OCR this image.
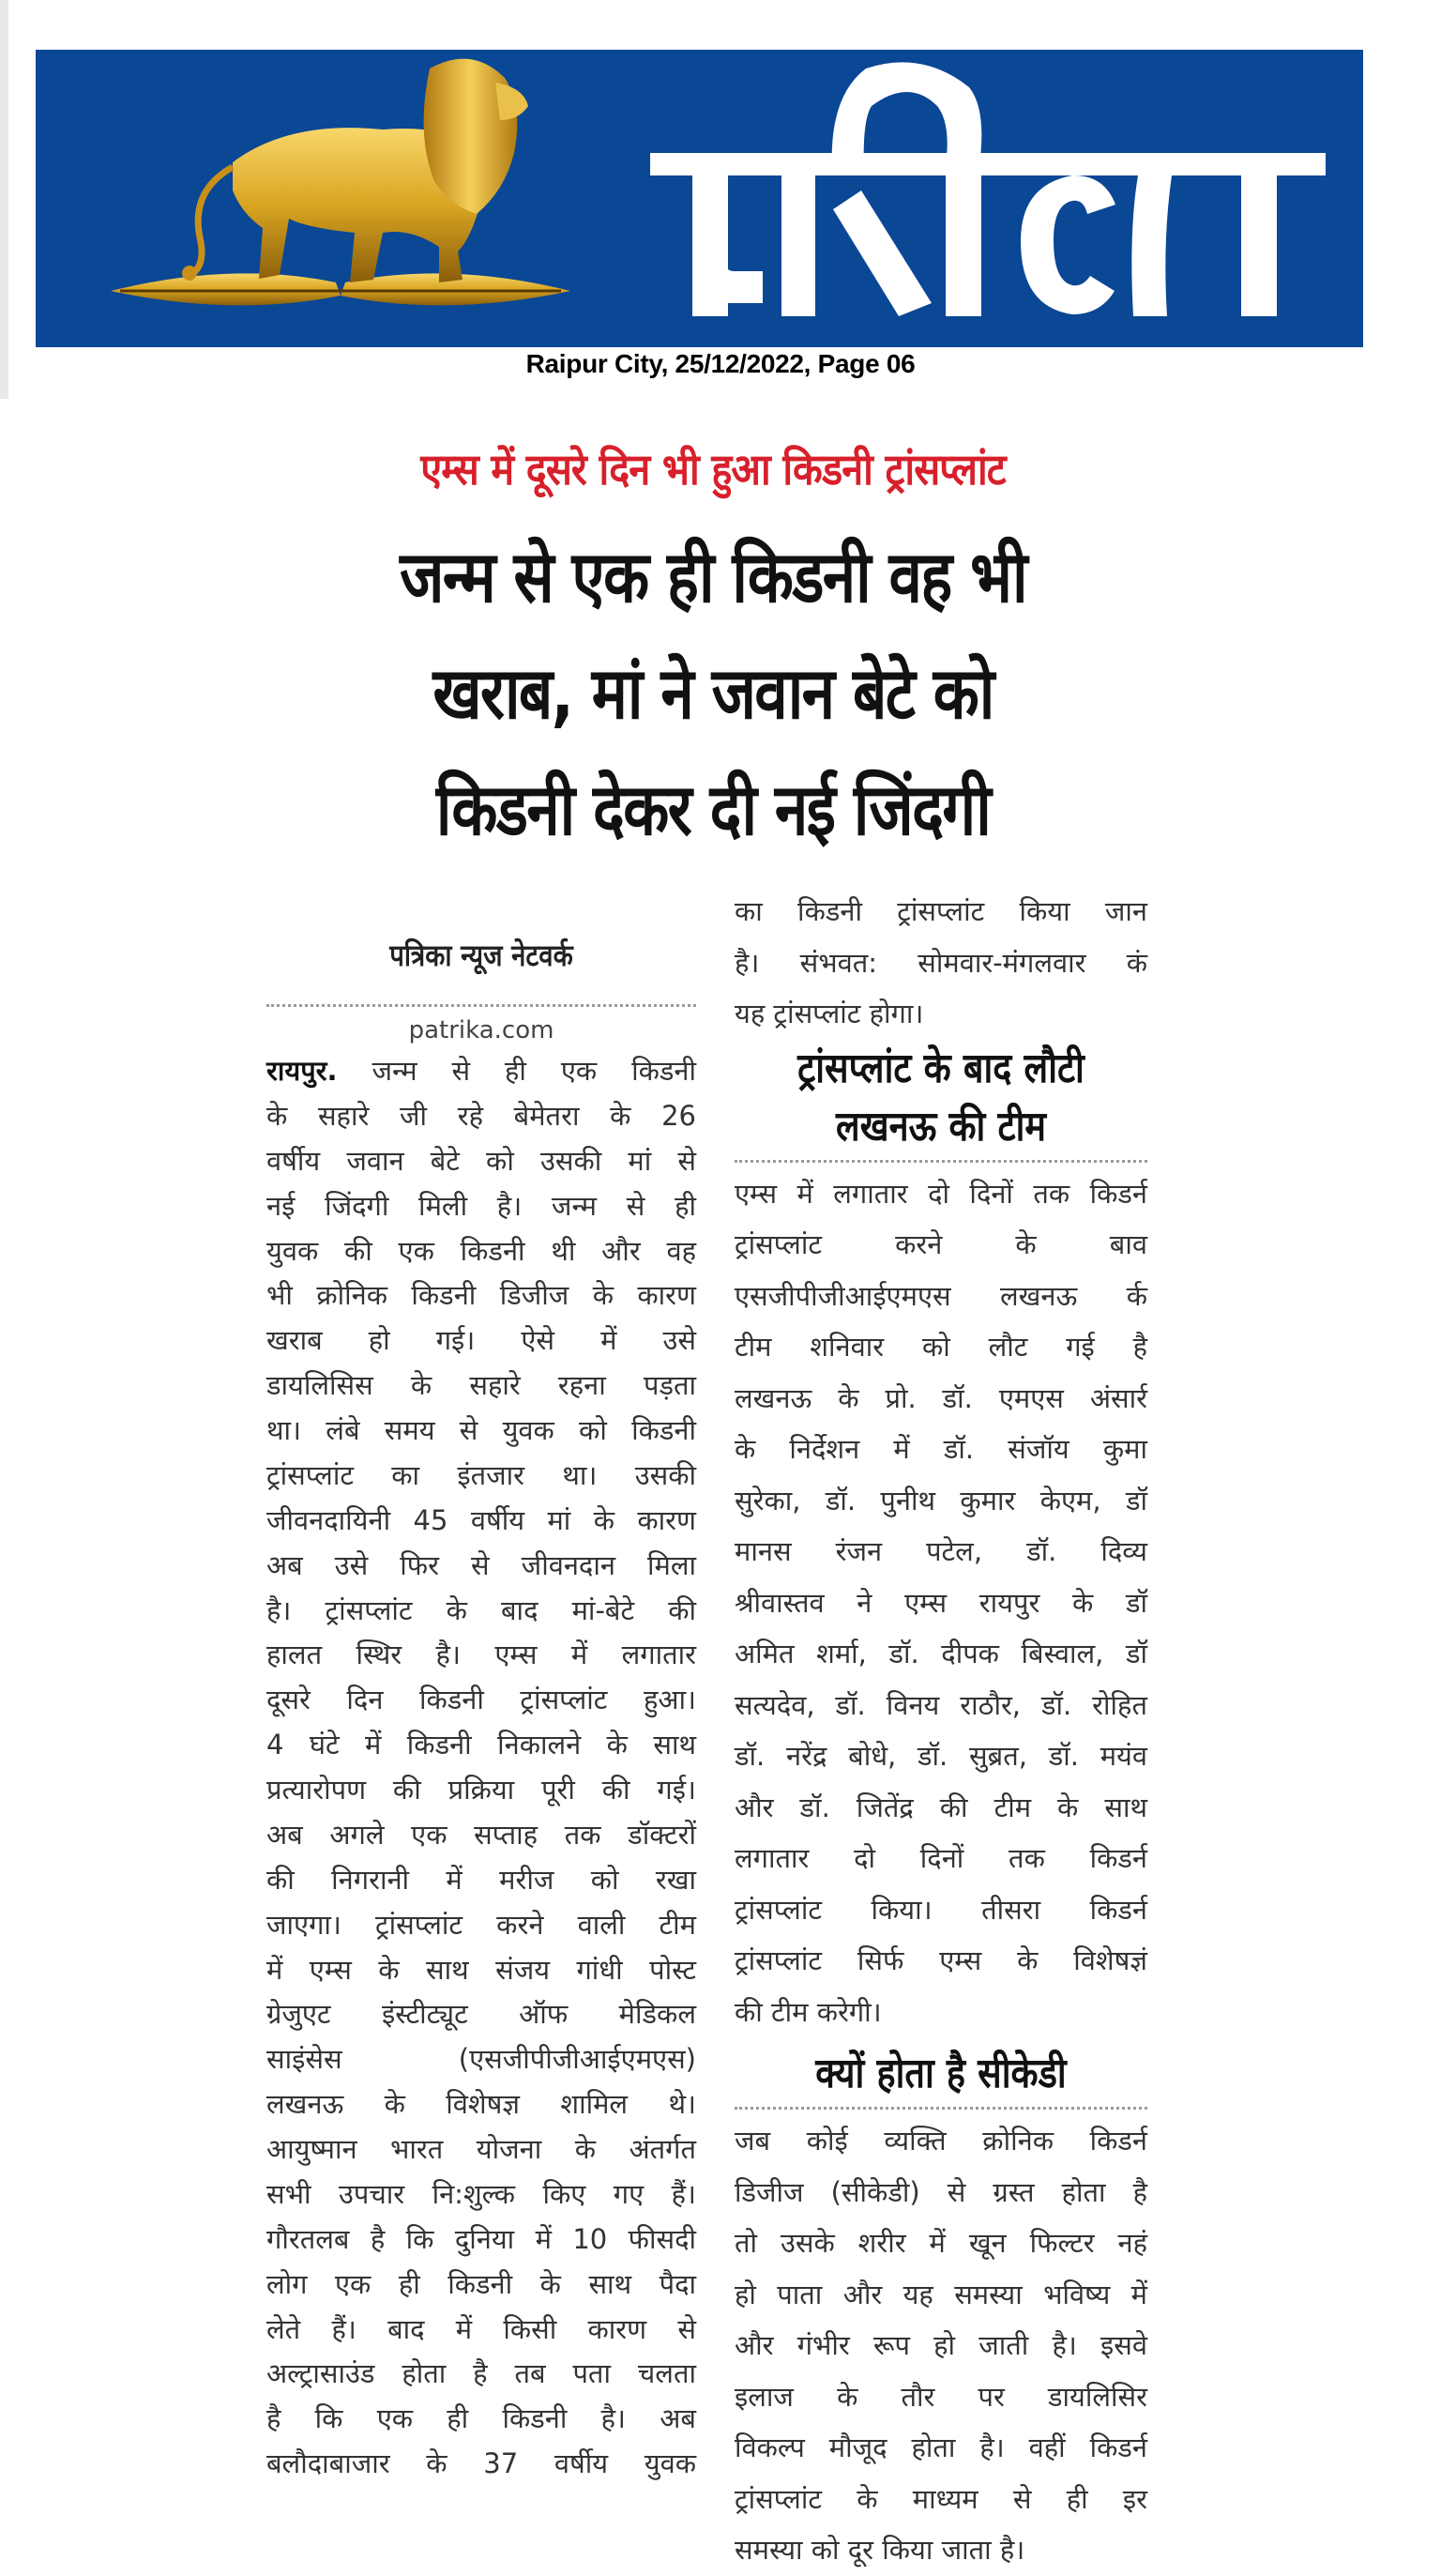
Raipur City, 25/12/2022, Page 06
एम्स में दूसरे दिन भी हुआ किडनी ट्रांसप्लांट
जन्म से एक ही किडनी वह भी
खराब, मां ने जवान बेटे को
किडनी देकर दी नई जिंदगी
पत्रिका न्यूज नेटवर्क
patrika.com
रायपुर. जन्म से ही एक किडनी
के सहारे जी रहे बेमेतरा के 26
वर्षीय जवान बेटे को उसकी मां से
नई जिंदगी मिली है। जन्म से ही
युवक की एक किडनी थी और वह
भी क्रोनिक किडनी डिजीज के कारण
खराब हो गई। ऐसे में उसे
डायलिसिस के सहारे रहना पड़ता
था। लंबे समय से युवक को किडनी
ट्रांसप्लांट का इंतजार था। उसकी
जीवनदायिनी 45 वर्षीय मां के कारण
अब उसे फिर से जीवनदान मिला
है। ट्रांसप्लांट के बाद मां-बेटे की
हालत स्थिर है। एम्स में लगातार
दूसरे दिन किडनी ट्रांसप्लांट हुआ।
4 घंटे में किडनी निकालने के साथ
प्रत्यारोपण की प्रक्रिया पूरी की गई।
अब अगले एक सप्ताह तक डॉक्टरों
की निगरानी में मरीज को रखा
जाएगा। ट्रांसप्लांट करने वाली टीम
में एम्स के साथ संजय गांधी पोस्ट
ग्रेजुएट इंस्टीट्यूट ऑफ मेडिकल
साइंसेस (एसजीपीजीआईएमएस)
लखनऊ के विशेषज्ञ शामिल थे।
आयुष्मान भारत योजना के अंतर्गत
सभी उपचार नि:शुल्क किए गए हैं।
गौरतलब है कि दुनिया में 10 फीसदी
लोग एक ही किडनी के साथ पैदा
लेते हैं। बाद में किसी कारण से
अल्ट्रासाउंड होता है तब पता चलता
है कि एक ही किडनी है। अब
बलौदाबाजार के 37 वर्षीय युवक
का किडनी ट्रांसप्लांट किया जान
है। संभवत: सोमवार-मंगलवार कं
यह ट्रांसप्लांट होगा।
ट्रांसप्लांट के बाद लौटी
लखनऊ की टीम
एम्स में लगातार दो दिनों तक किडर्न
ट्रांसप्लांट करने के बाव
एसजीपीजीआईएमएस लखनऊ र्क
टीम शनिवार को लौट गई है
लखनऊ के प्रो. डॉ. एमएस अंसार्र
के निर्देशन में डॉ. संजॉय कुमा
सुरेका, डॉ. पुनीथ कुमार केएम, डॉ
मानस रंजन पटेल, डॉ. दिव्य
श्रीवास्तव ने एम्स रायपुर के डॉ
अमित शर्मा, डॉ. दीपक बिस्वाल, डॉ
सत्यदेव, डॉ. विनय राठौर, डॉ. रोहित
डॉ. नरेंद्र बोधे, डॉ. सुब्रत, डॉ. मयंव
और डॉ. जितेंद्र की टीम के साथ
लगातार दो दिनों तक किडर्न
ट्रांसप्लांट किया। तीसरा किडर्न
ट्रांसप्लांट सिर्फ एम्स के विशेषज्ञं
की टीम करेगी।
क्यों होता है सीकेडी
जब कोई व्यक्ति क्रोनिक किडर्न
डिजीज (सीकेडी) से ग्रस्त होता है
तो उसके शरीर में खून फिल्टर नहं
हो पाता और यह समस्या भविष्य में
और गंभीर रूप हो जाती है। इसवे
इलाज के तौर पर डायलिसिर
विकल्प मौजूद होता है। वहीं किडर्न
ट्रांसप्लांट के माध्यम से ही इर
समस्या को दूर किया जाता है।
